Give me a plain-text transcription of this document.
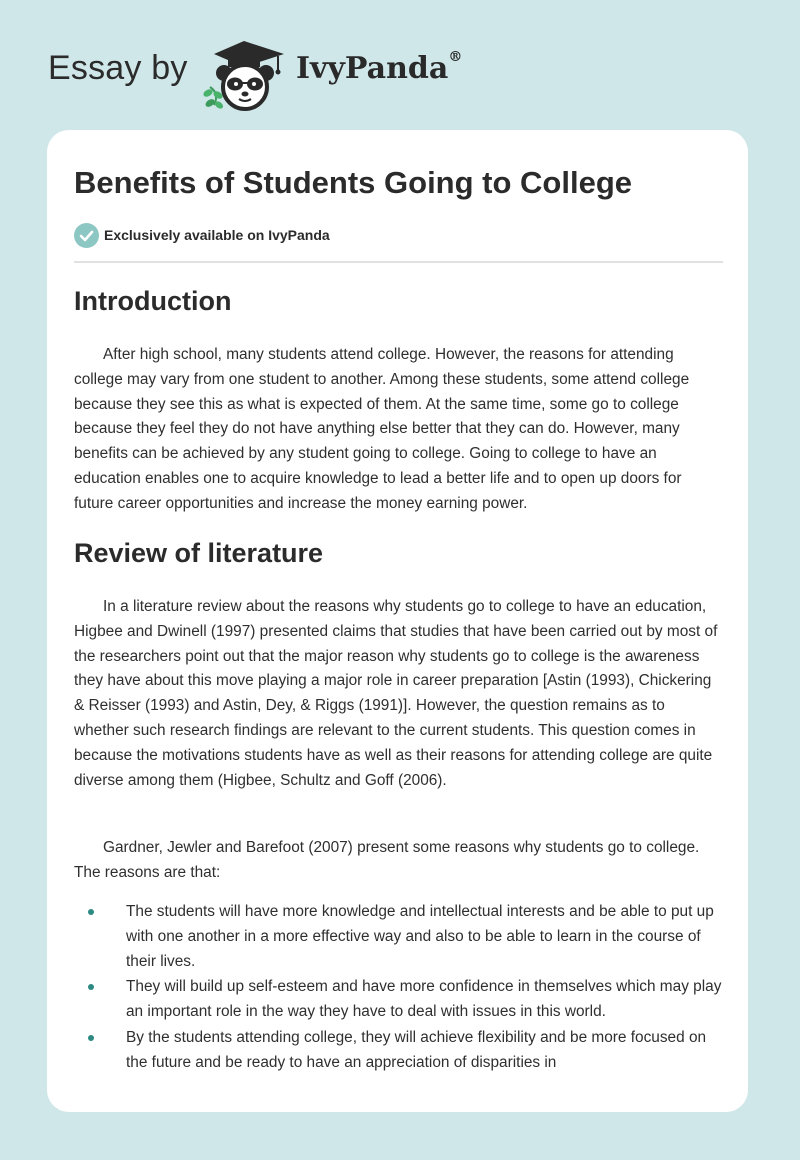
Essay by	IvyPanda®
Benefits of Students Going to College
Exclusively available on IvyPanda
Introduction

After high school, many students attend college. However, the reasons for attending college may vary from one student to another. Among these students, some attend college because they see this as what is expected of them. At the same time, some go to college because they feel they do not have anything else better that they can do. However, many benefits can be achieved by any student going to college. Going to college to have an education enables one to acquire knowledge to lead a better life and to open up doors for future career opportunities and increase the money earning power.

Review of literature

In a literature review about the reasons why students go to college to have an education, Higbee and Dwinell (1997) presented claims that studies that have been carried out by most of the researchers point out that the major reason why students go to college is the awareness they have about this move playing a major role in career preparation [Astin (1993), Chickering & Reisser (1993) and Astin, Dey, & Riggs (1991)]. However, the question remains as to whether such research findings are relevant to the current students. This question comes in because the motivations students have as well as their reasons for attending college are quite diverse among them (Higbee, Schultz and Goff (2006).

Gardner, Jewler and Barefoot (2007) present some reasons why students go to college. The reasons are that:

The students will have more knowledge and intellectual interests and be able to put up with one another in a more effective way and also to be able to learn in the course of their lives.
They will build up self-esteem and have more confidence in themselves which may play an important role in the way they have to deal with issues in this world.
By the students attending college, they will achieve flexibility and be more focused on the future and be ready to have an appreciation of disparities in
